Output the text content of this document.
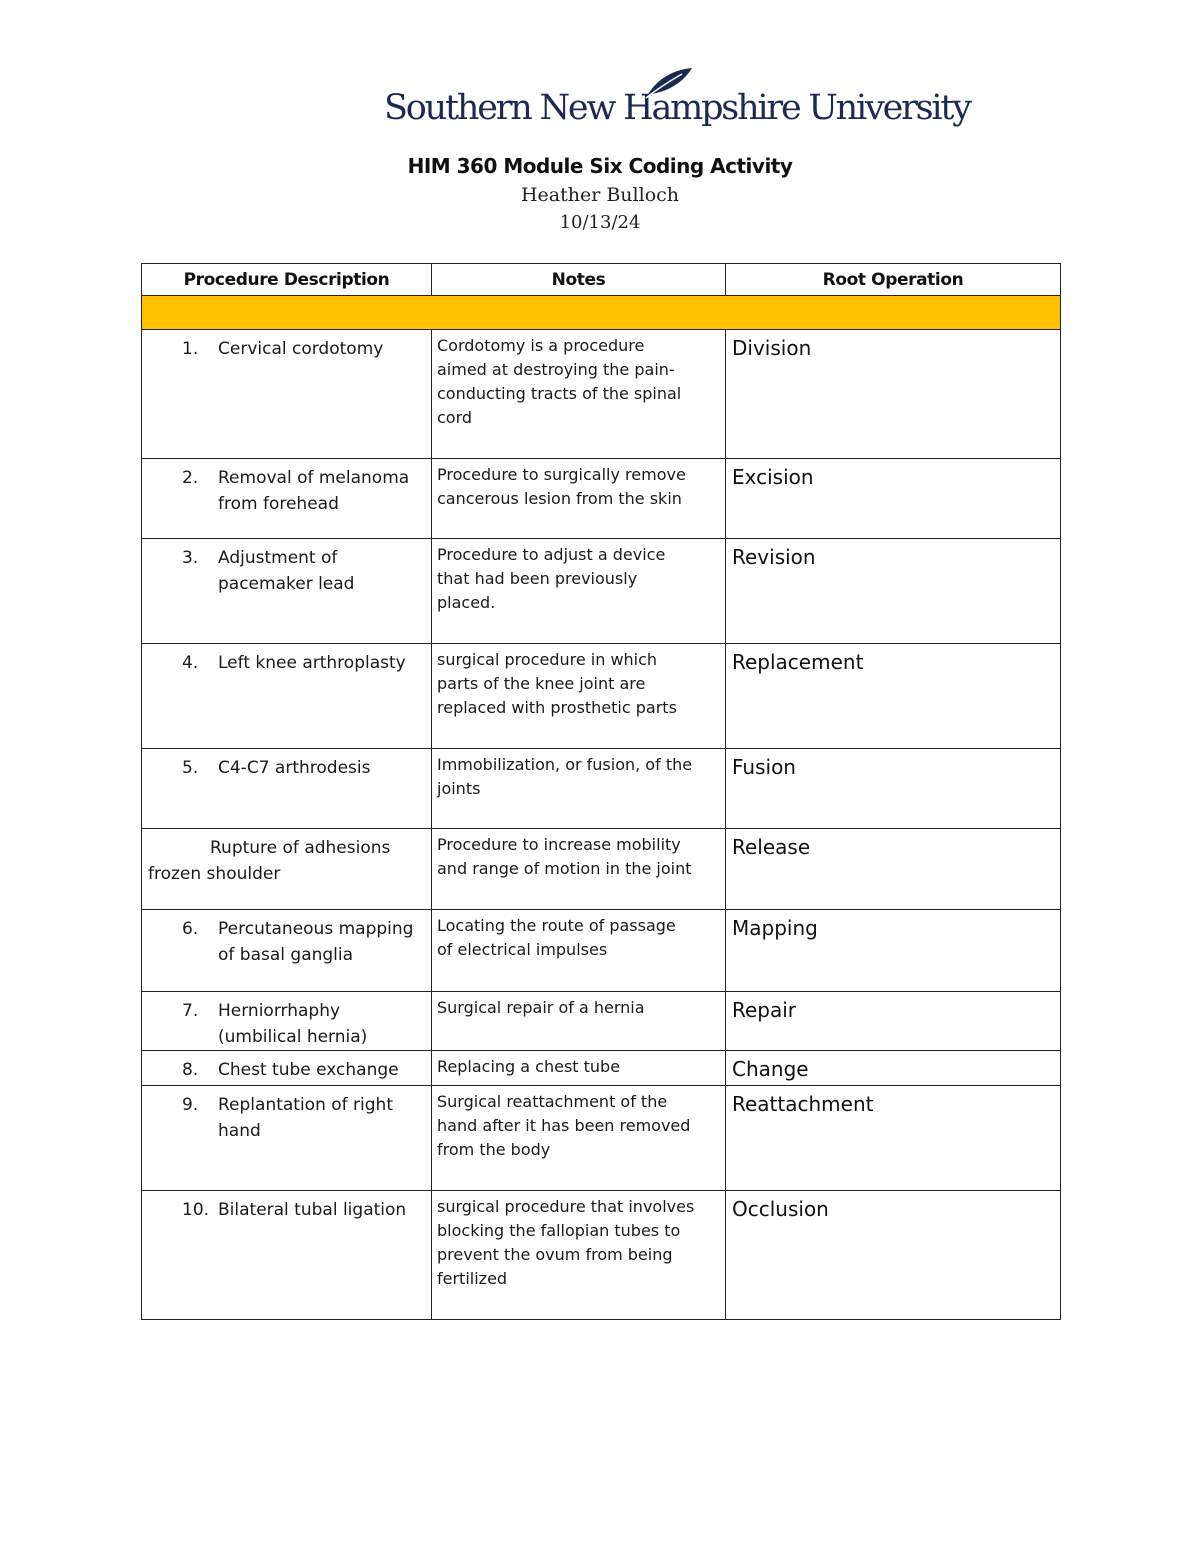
Southern New Hampshire University
HIM 360 Module Six Coding Activity
Heather Bulloch
10/13/24
Procedure Description	Notes	Root Operation

1. Cervical cordotomy	Cordotomy is a procedure aimed at destroying the pain-conducting tracts of the spinal cord	Division

2. Removal of melanoma from forehead	Procedure to surgically remove cancerous lesion from the skin	Excision

3. Adjustment of pacemaker lead	Procedure to adjust a device that had been previously placed.	Revision

4. Left knee arthroplasty	surgical procedure in which parts of the knee joint are replaced with prosthetic parts	Replacement

5. C4-C7 arthrodesis	Immobilization, or fusion, of the joints	Fusion

Rupture of adhesions frozen shoulder	Procedure to increase mobility and range of motion in the joint	Release

6. Percutaneous mapping of basal ganglia	Locating the route of passage of electrical impulses	Mapping

7. Herniorrhaphy (umbilical hernia)	Surgical repair of a hernia	Repair

8. Chest tube exchange	Replacing a chest tube	Change

9. Replantation of right hand	Surgical reattachment of the hand after it has been removed from the body	Reattachment

10. Bilateral tubal ligation	surgical procedure that involves blocking the fallopian tubes to prevent the ovum from being fertilized	Occlusion
